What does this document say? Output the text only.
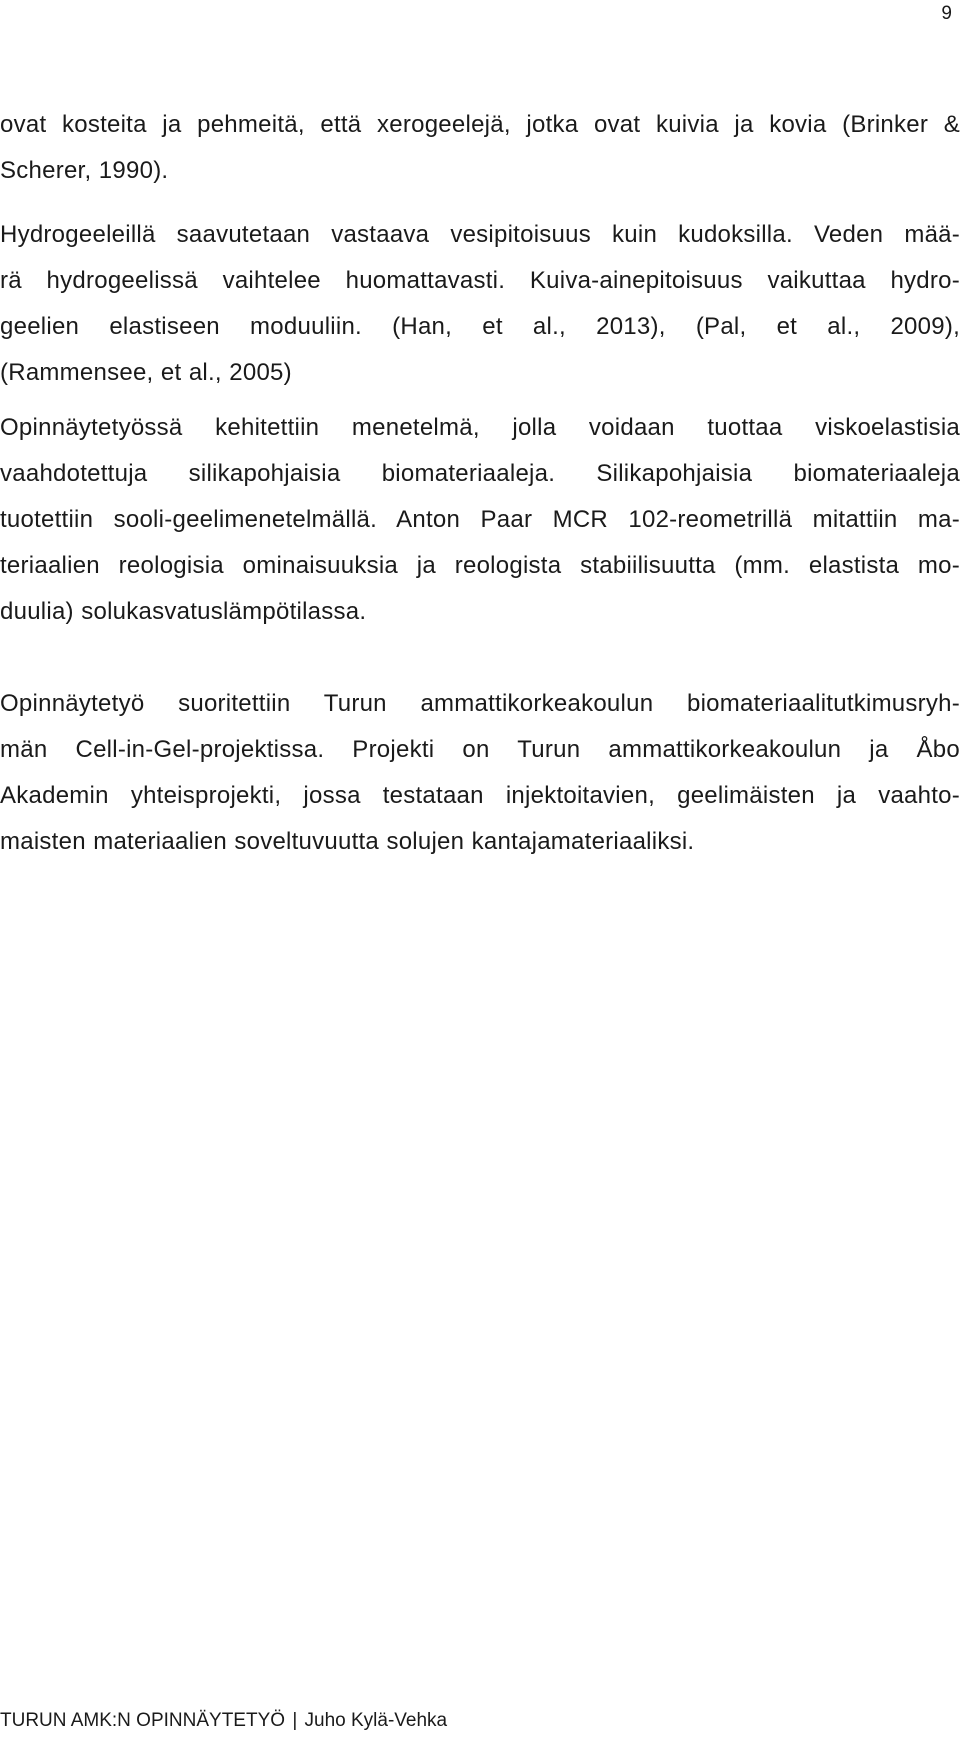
9
ovat kosteita ja pehmeitä, että xerogeelejä, jotka ovat kuivia ja kovia (Brinker &
Scherer, 1990).
Hydrogeeleillä saavutetaan vastaava vesipitoisuus kuin kudoksilla. Veden mää-
rä hydrogeelissä vaihtelee huomattavasti. Kuiva-ainepitoisuus vaikuttaa hydro-
geelien elastiseen moduuliin. (Han, et al., 2013), (Pal, et al., 2009),
(Rammensee, et al., 2005)
Opinnäytetyössä kehitettiin menetelmä, jolla voidaan tuottaa viskoelastisia
vaahdotettuja silikapohjaisia biomateriaaleja. Silikapohjaisia biomateriaaleja
tuotettiin sooli-geelimenetelmällä. Anton Paar MCR 102-reometrillä mitattiin ma-
teriaalien reologisia ominaisuuksia ja reologista stabiilisuutta (mm. elastista mo-
duulia) solukasvatuslämpötilassa.
Opinnäytetyö suoritettiin Turun ammattikorkeakoulun biomateriaalitutkimusryh-
män Cell-in-Gel-projektissa. Projekti on Turun ammattikorkeakoulun ja Åbo
Akademin yhteisprojekti, jossa testataan injektoitavien, geelimäisten ja vaahto-
maisten materiaalien soveltuvuutta solujen kantajamateriaaliksi.
TURUN AMK:N OPINNÄYTETYÖ | Juho Kylä-Vehka
